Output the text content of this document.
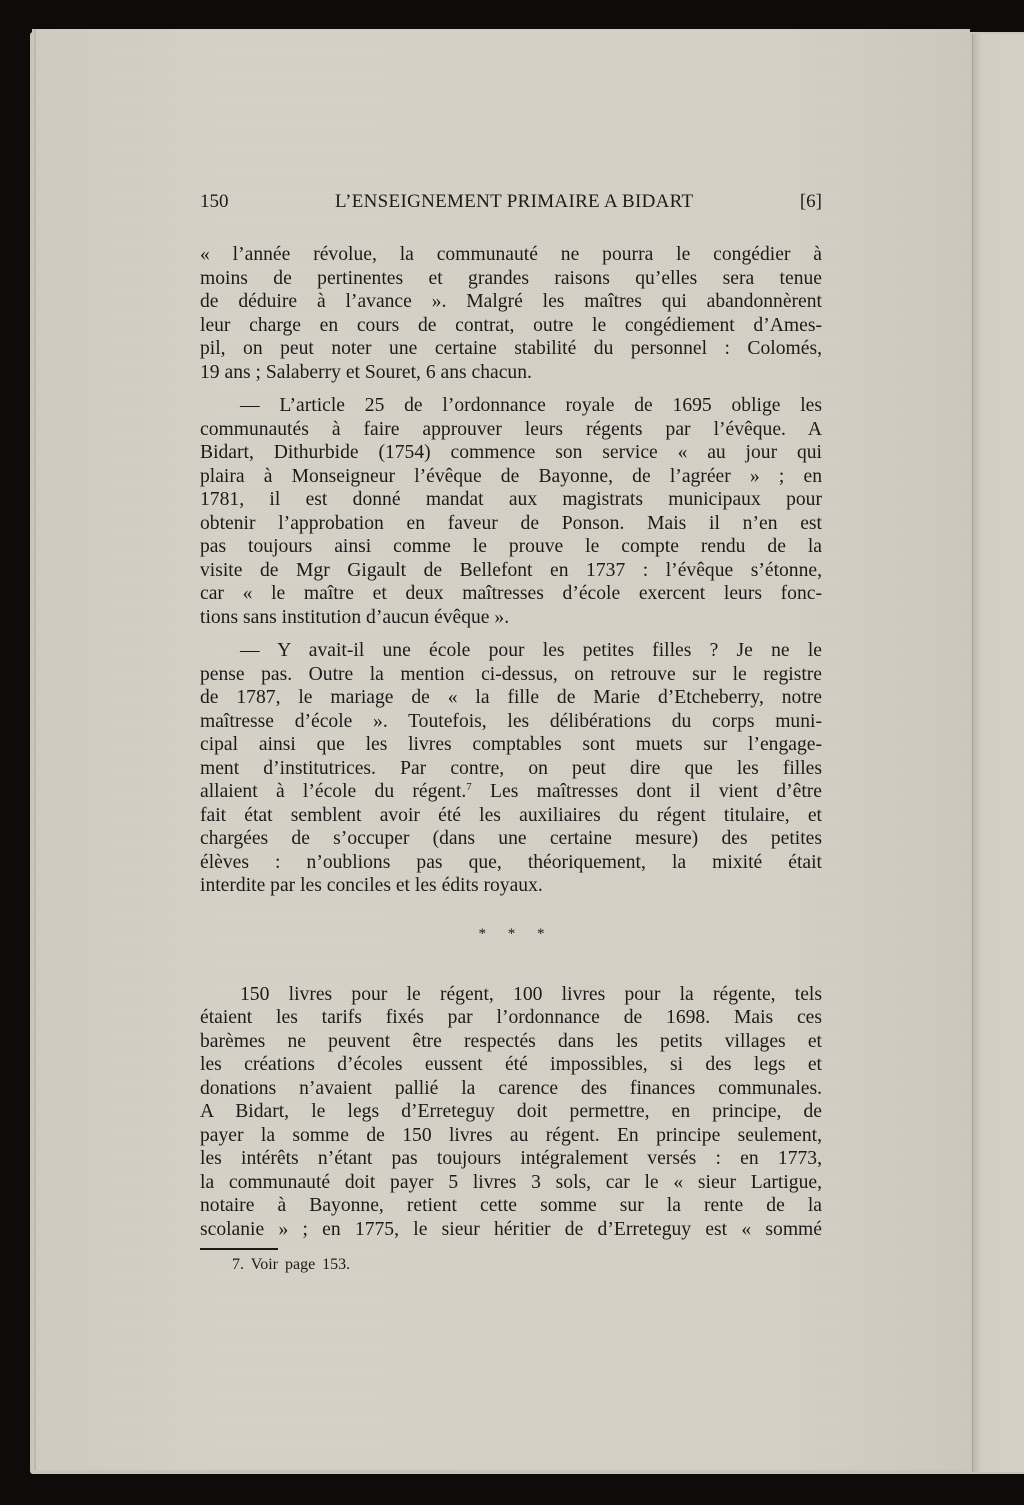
150	L’ENSEIGNEMENT PRIMAIRE A BIDART	[6]
« l’année révolue, la communauté ne pourra le congédier à
moins de pertinentes et grandes raisons qu’elles sera tenue
de déduire à l’avance ». Malgré les maîtres qui abandonnèrent
leur charge en cours de contrat, outre le congédiement d’Ames-
pil, on peut noter une certaine stabilité du personnel : Colomés,
19 ans ; Salaberry et Souret, 6 ans chacun.
— L’article 25 de l’ordonnance royale de 1695 oblige les
communautés à faire approuver leurs régents par l’évêque. A
Bidart, Dithurbide (1754) commence son service « au jour qui
plaira à Monseigneur l’évêque de Bayonne, de l’agréer » ; en
1781, il est donné mandat aux magistrats municipaux pour
obtenir l’approbation en faveur de Ponson. Mais il n’en est
pas toujours ainsi comme le prouve le compte rendu de la
visite de Mgr Gigault de Bellefont en 1737 : l’évêque s’étonne,
car « le maître et deux maîtresses d’école exercent leurs fonc-
tions sans institution d’aucun évêque ».
— Y avait-il une école pour les petites filles ? Je ne le
pense pas. Outre la mention ci-dessus, on retrouve sur le registre
de 1787, le mariage de « la fille de Marie d’Etcheberry, notre
maîtresse d’école ». Toutefois, les délibérations du corps muni-
cipal ainsi que les livres comptables sont muets sur l’engage-
ment d’institutrices. Par contre, on peut dire que les filles
allaient à l’école du régent.$^7$ Les maîtresses dont il vient d’être
fait état semblent avoir été les auxiliaires du régent titulaire, et
chargées de s’occuper (dans une certaine mesure) des petites
élèves : n’oublions pas que, théoriquement, la mixité était
interdite par les conciles et les édits royaux.
* * *
150 livres pour le régent, 100 livres pour la régente, tels
étaient les tarifs fixés par l’ordonnance de 1698. Mais ces
barèmes ne peuvent être respectés dans les petits villages et
les créations d’écoles eussent été impossibles, si des legs et
donations n’avaient pallié la carence des finances communales.
A Bidart, le legs d’Erreteguy doit permettre, en principe, de
payer la somme de 150 livres au régent. En principe seulement,
les intérêts n’étant pas toujours intégralement versés : en 1773,
la communauté doit payer 5 livres 3 sols, car le « sieur Lartigue,
notaire à Bayonne, retient cette somme sur la rente de la
scolanie » ; en 1775, le sieur héritier de d’Erreteguy est « sommé
7. Voir page 153.
